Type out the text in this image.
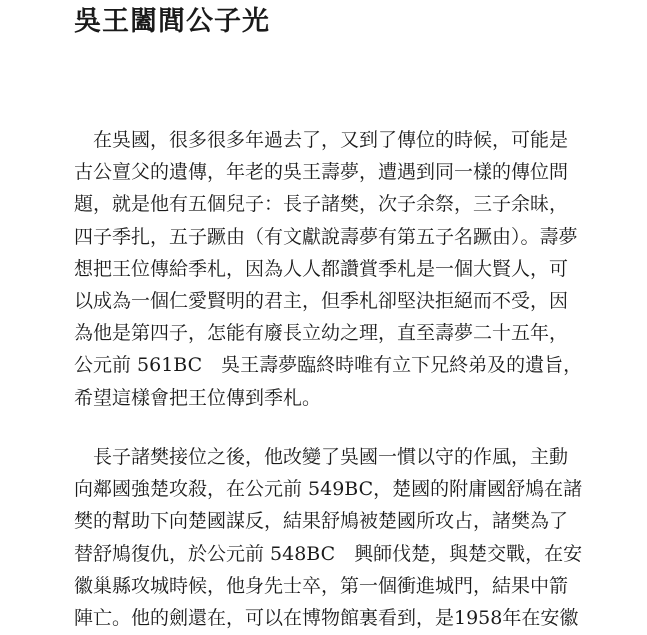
吳王闔閭公子光
在吳國，很多很多年過去了，又到了傳位的時候，可能是
古公亶父的遺傳，年老的吳王壽夢，遭遇到同一樣的傳位問
題，就是他有五個兒子：長子諸樊，次子余祭，三子余昧，
四子季扎，五子蹶由（有文獻說壽夢有第五子名蹶由）。壽夢
想把王位傳給季札，因為人人都讚賞季札是一個大賢人，可
以成為一個仁愛賢明的君主，但季札卻堅決拒絕而不受，因
為他是第四子，怎能有廢長立幼之理，直至壽夢二十五年，
公元前 561BC　吳王壽夢臨終時唯有立下兄終弟及的遺旨，
希望這樣會把王位傳到季札。
長子諸樊接位之後，他改變了吳國一慣以守的作風，主動
向鄰國強楚攻殺，在公元前 549BC，楚國的附庸國舒鳩在諸
樊的幫助下向楚國謀反，結果舒鳩被楚國所攻占，諸樊為了
替舒鳩復仇，於公元前 548BC　興師伐楚，與楚交戰，在安
徽巢縣攻城時候，他身先士卒，第一個衝進城門，結果中箭
陣亡。他的劍還在，可以在博物館裏看到，是1958年在安徽
